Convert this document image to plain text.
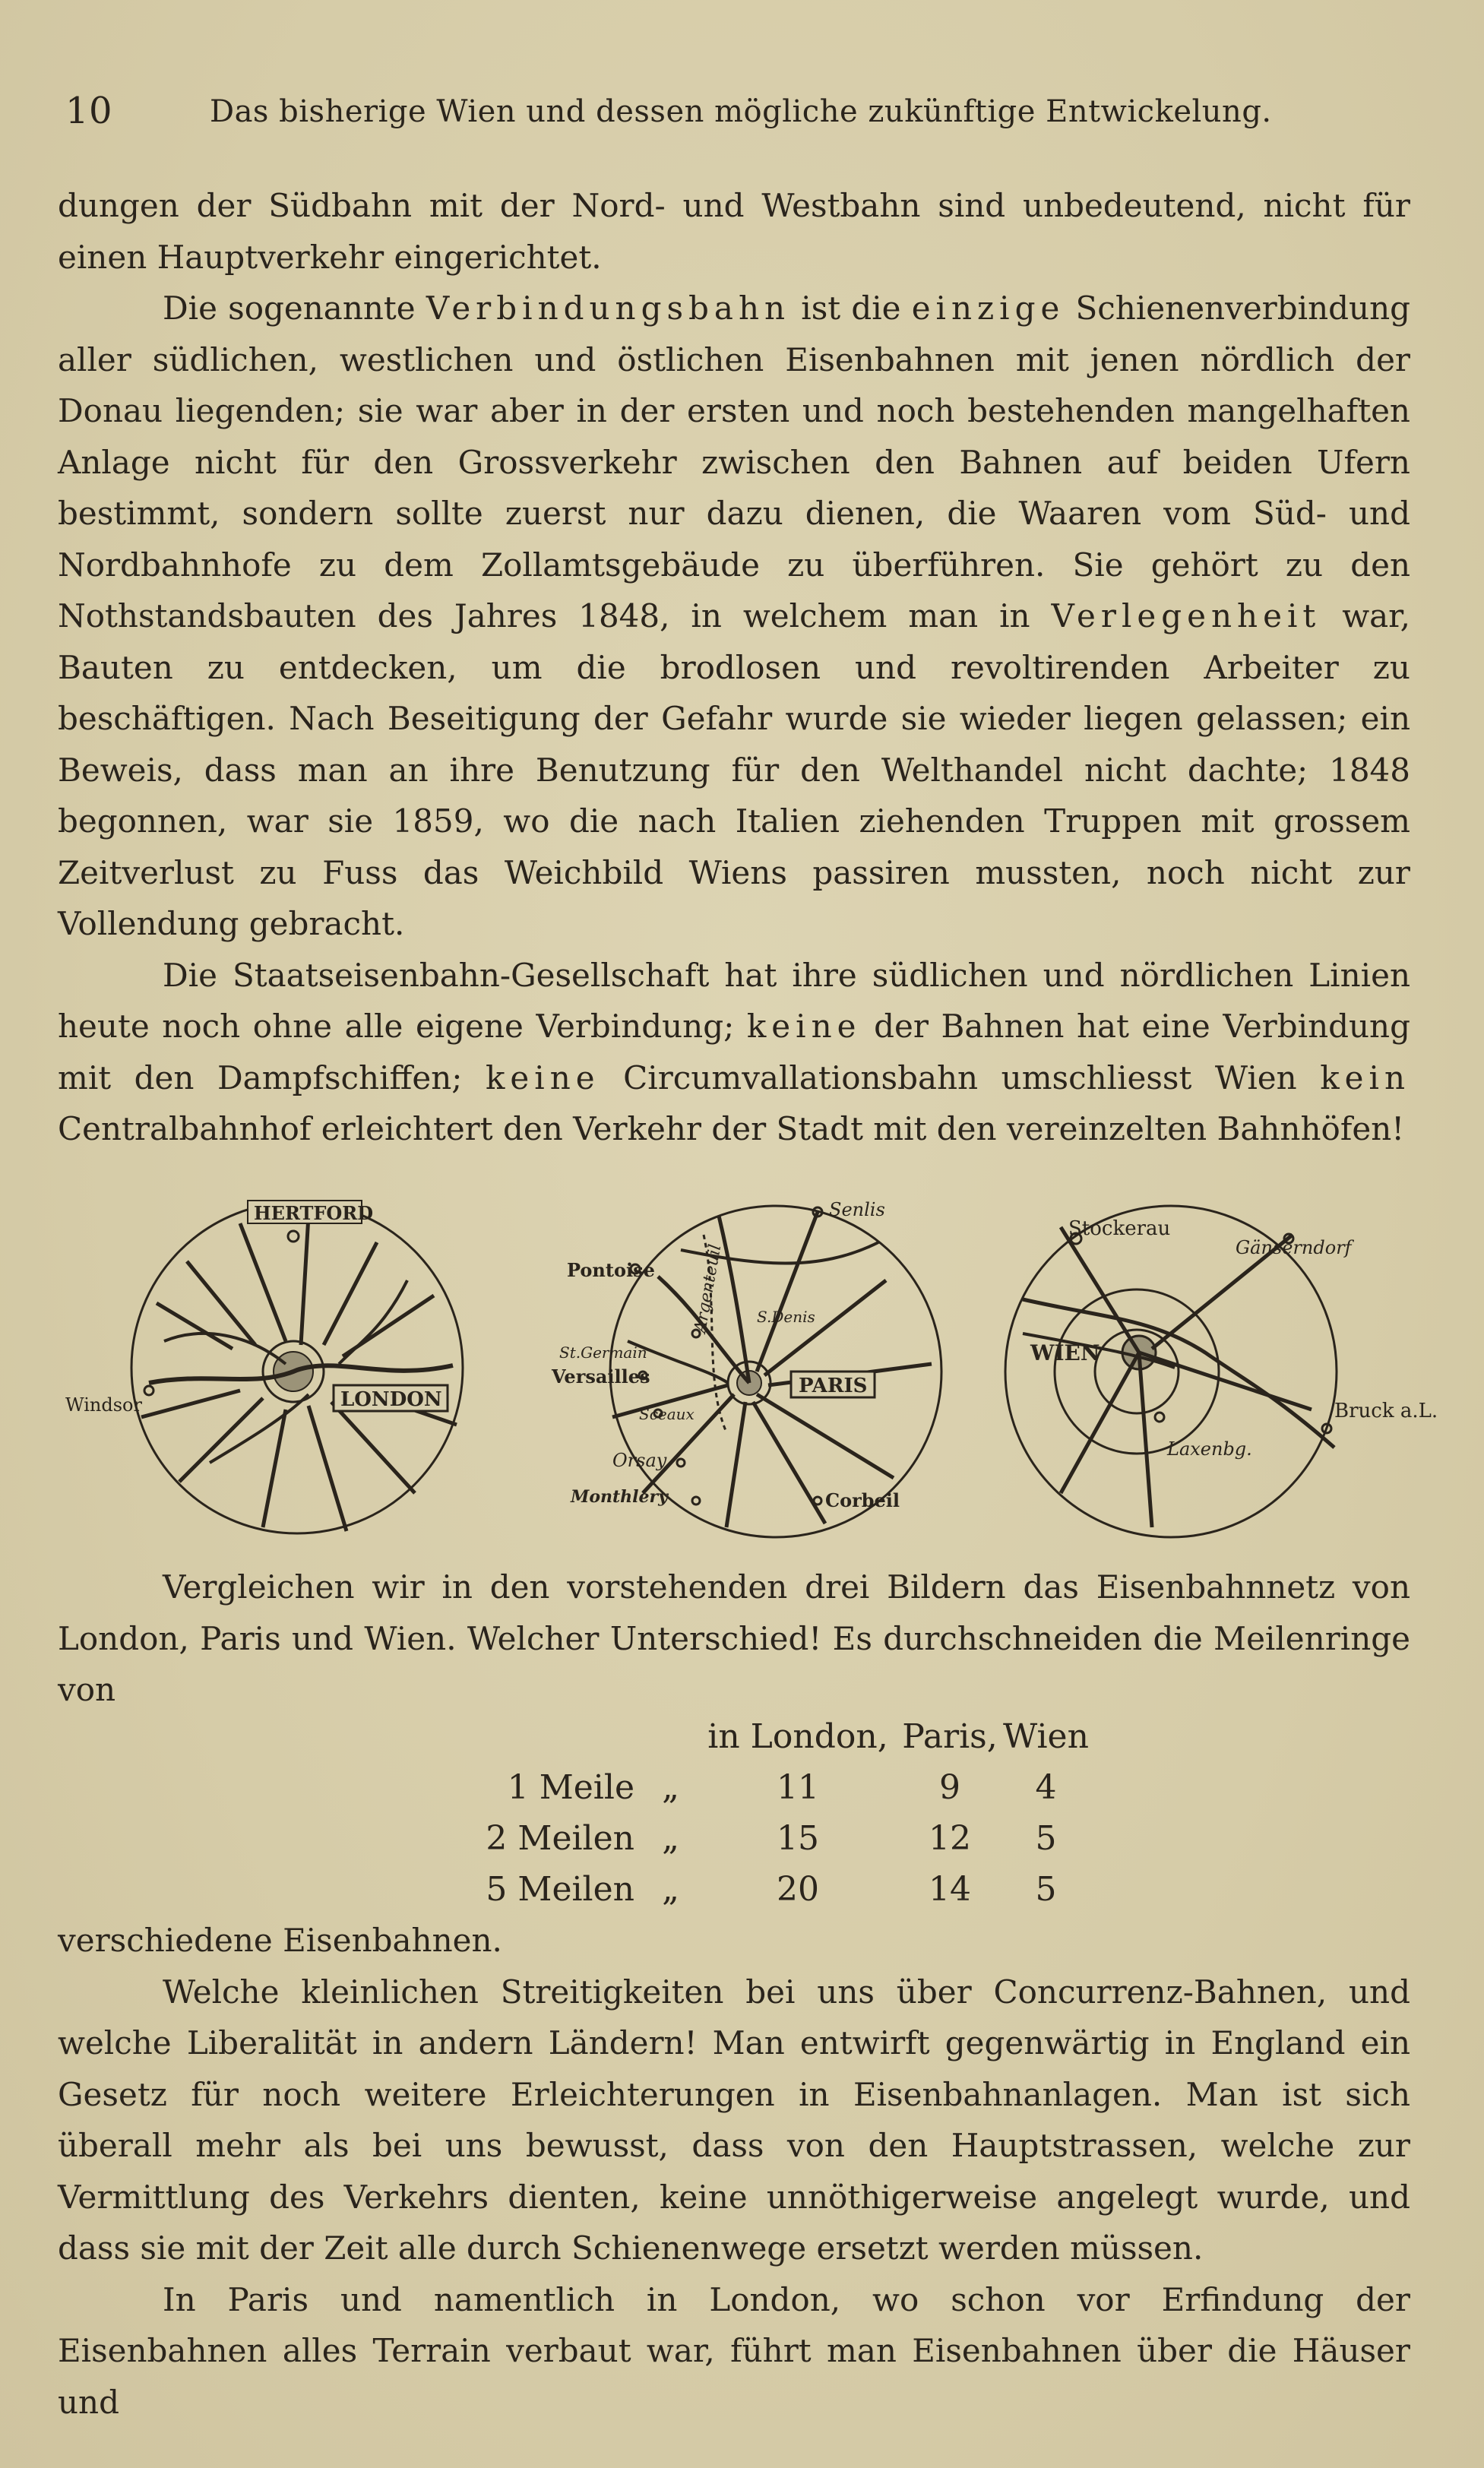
10	Das bisherige Wien und dessen mögliche zukünftige Entwickelung.

dungen der Südbahn mit der Nord- und Westbahn sind unbedeutend, nicht für einen Hauptverkehr eingerichtet.

Die sogenannte Verbindungsbahn ist die einzige Schienenverbindung aller südlichen, westlichen und östlichen Eisenbahnen mit jenen nördlich der Donau liegenden; sie war aber in der ersten und noch bestehenden mangelhaften Anlage nicht für den Grossverkehr zwischen den Bahnen auf beiden Ufern bestimmt, sondern sollte zuerst nur dazu dienen, die Waaren vom Süd- und Nordbahnhofe zu dem Zollamtsgebäude zu überführen. Sie gehört zu den Nothstandsbauten des Jahres 1848, in welchem man in Verlegenheit war, Bauten zu entdecken, um die brodlosen und revoltirenden Arbeiter zu beschäftigen. Nach Beseitigung der Gefahr wurde sie wieder liegen gelassen; ein Beweis, dass man an ihre Benutzung für den Welthandel nicht dachte; 1848 begonnen, war sie 1859, wo die nach Italien ziehenden Truppen mit grossem Zeitverlust zu Fuss das Weichbild Wiens passiren mussten, noch nicht zur Vollendung gebracht.

Die Staatseisenbahn-Gesellschaft hat ihre südlichen und nördlichen Linien heute noch ohne alle eigene Verbindung; keine der Bahnen hat eine Verbindung mit den Dampfschiffen; keine Circumvallationsbahn umschliesst Wien kein Centralbahnhof erleichtert den Verkehr der Stadt mit den vereinzelten Bahnhöfen!

HERTFORD
LONDON
Windsor
PARIS
Senlis
Pontoise Argenteuil S.Denis
St.Germain
Versailles
Sceaux
Orsay
Monthléry	Corbeil
WIEN
Stockerau
Gänserndorf
Bruck a.L.
Laxenbg.

Vergleichen wir in den vorstehenden drei Bildern das Eisenbahnnetz von London, Paris und Wien. Welcher Unterschied! Es durchschneiden die Meilenringe von

		in London,	Paris,	Wien
1 Meile	„	11	9	4
2 Meilen	„	15	12	5
5 Meilen	„	20	14	5

verschiedene Eisenbahnen.

Welche kleinlichen Streitigkeiten bei uns über Concurrenz-Bahnen, und welche Liberalität in andern Ländern! Man entwirft gegenwärtig in England ein Gesetz für noch weitere Erleichterungen in Eisenbahnanlagen. Man ist sich überall mehr als bei uns bewusst, dass von den Hauptstrassen, welche zur Vermittlung des Verkehrs dienten, keine unnöthigerweise angelegt wurde, und dass sie mit der Zeit alle durch Schienenwege ersetzt werden müssen.

In Paris und namentlich in London, wo schon vor Erfindung der Eisenbahnen alles Terrain verbaut war, führt man Eisenbahnen über die Häuser und
